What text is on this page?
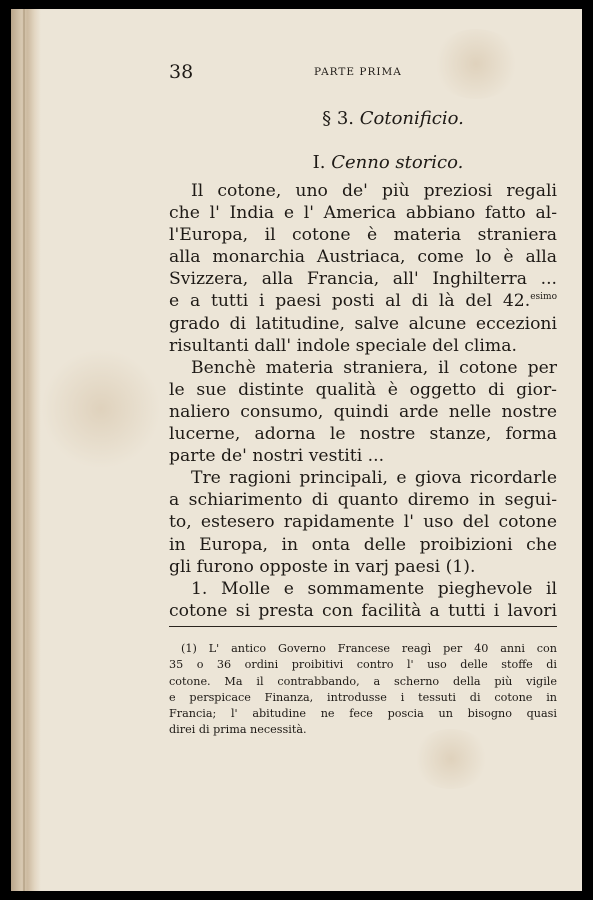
38	PARTE PRIMA
§ 3. Cotonificio.
I. Cenno storico.
Il cotone, uno de' più preziosi regali
che l' India e l' America abbiano fatto al-
l'Europa, il cotone è materia straniera
alla monarchia Austriaca, come lo è alla
Svizzera, alla Francia, all' Inghilterra ...
e a tutti i paesi posti al di là del 42.$^{esimo}$
grado di latitudine, salve alcune eccezioni
risultanti dall' indole speciale del clima.
Benchè materia straniera, il cotone per
le sue distinte qualità è oggetto di gior-
naliero consumo, quindi arde nelle nostre
lucerne, adorna le nostre stanze, forma
parte de' nostri vestiti ...
Tre ragioni principali, e giova ricordarle
a schiarimento di quanto diremo in segui-
to, estesero rapidamente l' uso del cotone
in Europa, in onta delle proibizioni che
gli furono opposte in varj paesi (1).
1. Molle e sommamente pieghevole il
cotone si presta con facilità a tutti i lavori
(1) L' antico Governo Francese reagì per 40 anni con
35 o 36 ordini proibitivi contro l' uso delle stoffe di
cotone. Ma il contrabbando, a scherno della più vigile
e perspicace Finanza, introdusse i tessuti di cotone in
Francia; l' abitudine ne fece poscia un bisogno quasi
direi di prima necessità.
